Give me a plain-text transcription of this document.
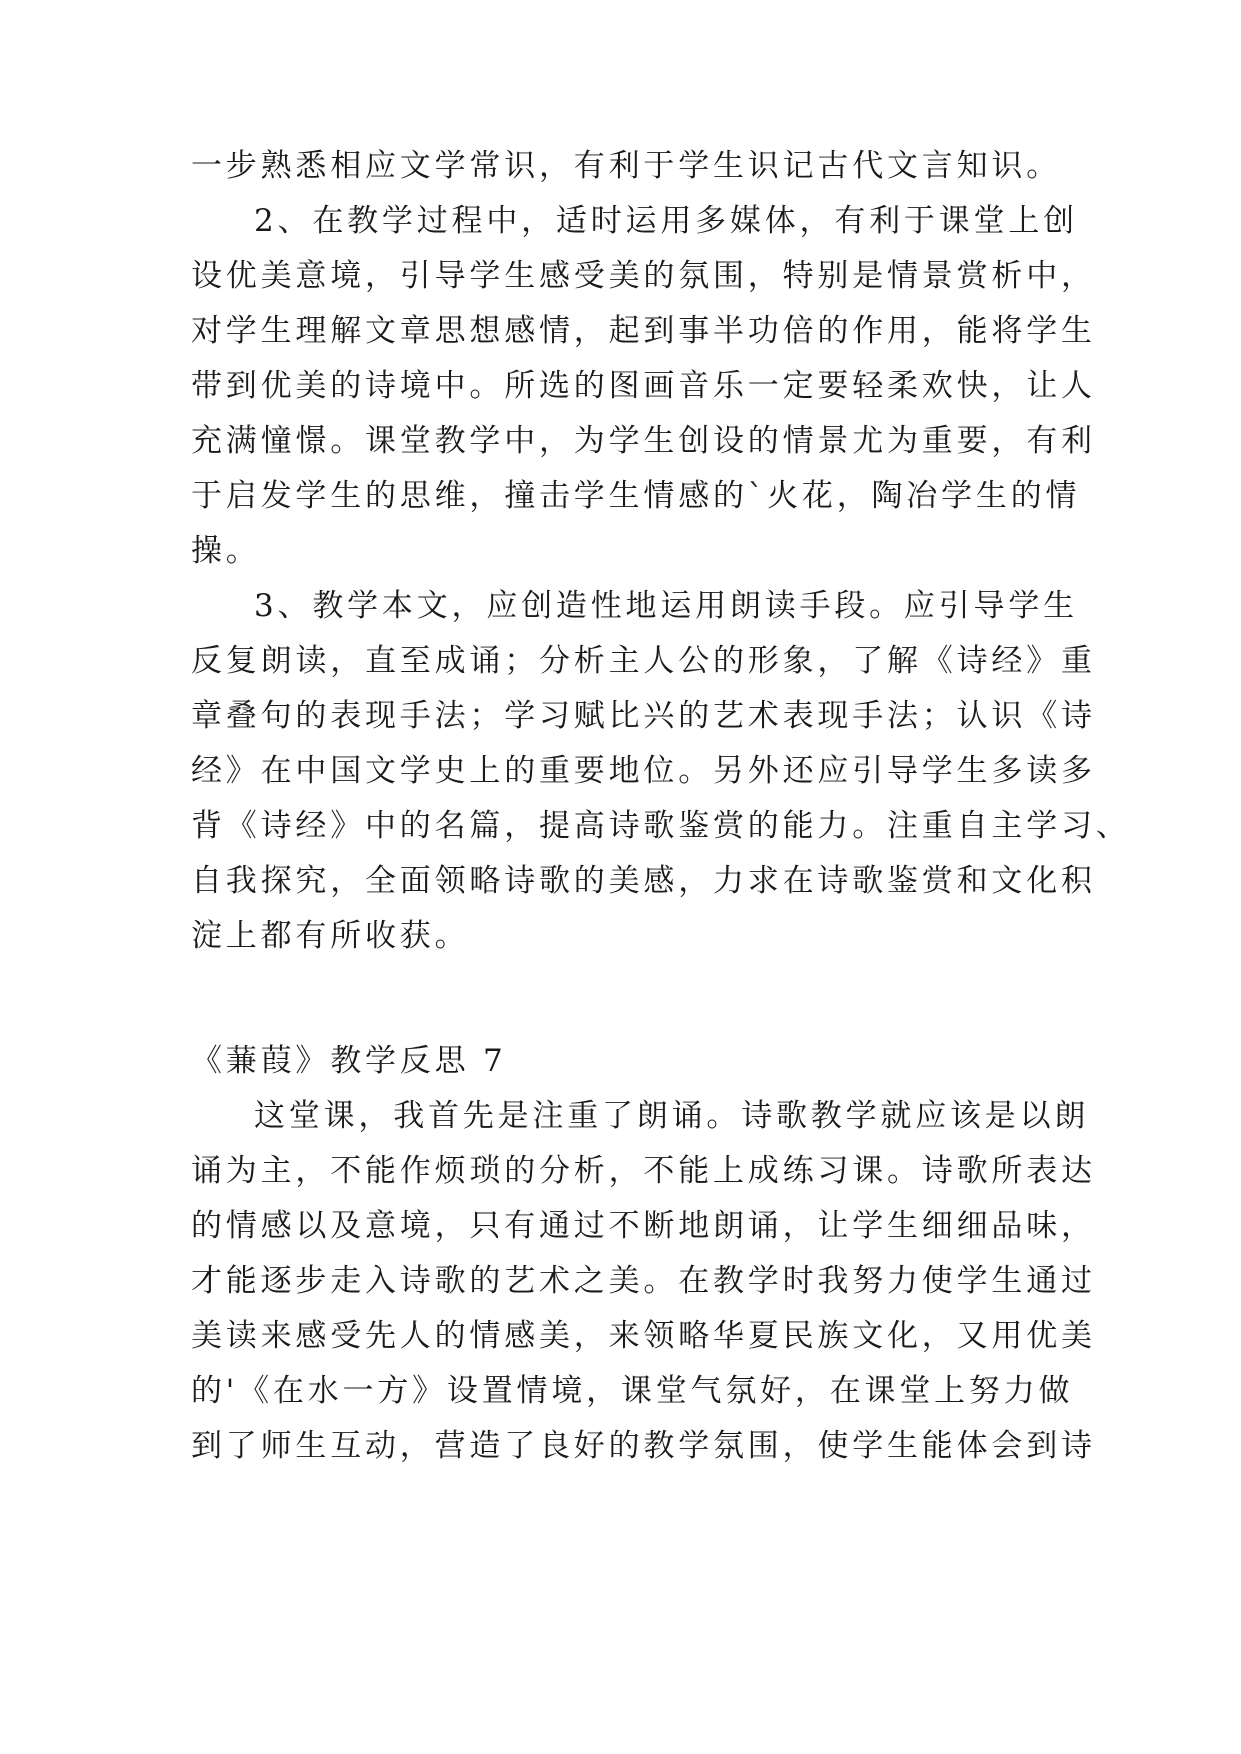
一步熟悉相应文学常识，有利于学生识记古代文言知识。
2、在教学过程中，适时运用多媒体，有利于课堂上创
设优美意境，引导学生感受美的氛围，特别是情景赏析中，
对学生理解文章思想感情，起到事半功倍的作用，能将学生
带到优美的诗境中。所选的图画音乐一定要轻柔欢快，让人
充满憧憬。课堂教学中，为学生创设的情景尤为重要，有利
于启发学生的思维，撞击学生情感的`火花，陶冶学生的情
操。
3、教学本文，应创造性地运用朗读手段。应引导学生
反复朗读，直至成诵；分析主人公的形象，了解《诗经》重
章叠句的表现手法；学习赋比兴的艺术表现手法；认识《诗
经》在中国文学史上的重要地位。另外还应引导学生多读多
背《诗经》中的名篇，提高诗歌鉴赏的能力。注重自主学习、
自我探究，全面领略诗歌的美感，力求在诗歌鉴赏和文化积
淀上都有所收获。
《蒹葭》教学反思 7
这堂课，我首先是注重了朗诵。诗歌教学就应该是以朗
诵为主，不能作烦琐的分析，不能上成练习课。诗歌所表达
的情感以及意境，只有通过不断地朗诵，让学生细细品味，
才能逐步走入诗歌的艺术之美。在教学时我努力使学生通过
美读来感受先人的情感美，来领略华夏民族文化，又用优美
的'《在水一方》设置情境，课堂气氛好，在课堂上努力做
到了师生互动，营造了良好的教学氛围，使学生能体会到诗
